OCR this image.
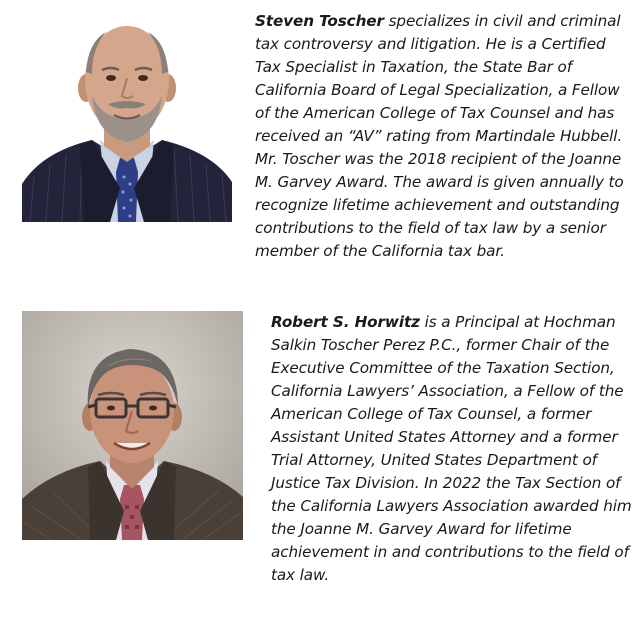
Steven Toscher specializes in civil and criminal tax controversy and litigation. He is a Certified Tax Specialist in Taxation, the State Bar of California Board of Legal Specialization, a Fellow of the American College of Tax Counsel and has received an “AV” rating from Martindale Hubbell. Mr. Toscher was the 2018 recipient of the Joanne M. Garvey Award. The award is given annually to recognize lifetime achievement and outstanding contributions to the field of tax law by a senior member of the California tax bar.
Robert S. Horwitz is a Principal at Hochman Salkin Toscher Perez P.C., former Chair of the Executive Committee of the Taxation Section, California Lawyers’ Association, a Fellow of the American College of Tax Counsel, a former Assistant United States Attorney and a former Trial Attorney, United States Department of Justice Tax Division. In 2022 the Tax Section of the California Lawyers Association awarded him the Joanne M. Garvey Award for lifetime achievement in and contributions to the field of tax law.
